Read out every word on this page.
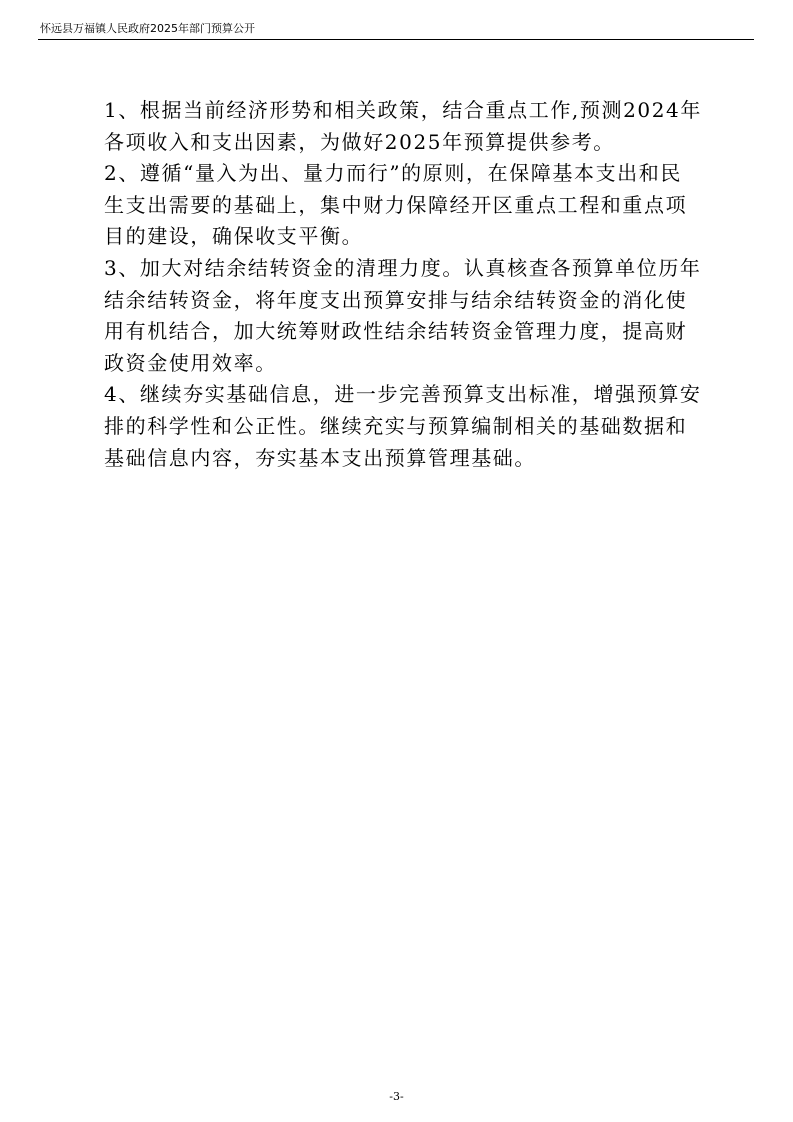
怀远县万福镇人民政府2025年部门预算公开

1、根据当前经济形势和相关政策，结合重点工作,预测2024年
各项收入和支出因素，为做好2025年预算提供参考。

2、遵循“量入为出、量力而行”的原则，在保障基本支出和民
生支出需要的基础上，集中财力保障经开区重点工程和重点项
目的建设，确保收支平衡。

3、加大对结余结转资金的清理力度。认真核查各预算单位历年
结余结转资金，将年度支出预算安排与结余结转资金的消化使
用有机结合，加大统筹财政性结余结转资金管理力度，提高财
政资金使用效率。

4、继续夯实基础信息，进一步完善预算支出标准，增强预算安
排的科学性和公正性。继续充实与预算编制相关的基础数据和
基础信息内容，夯实基本支出预算管理基础。

-3-
